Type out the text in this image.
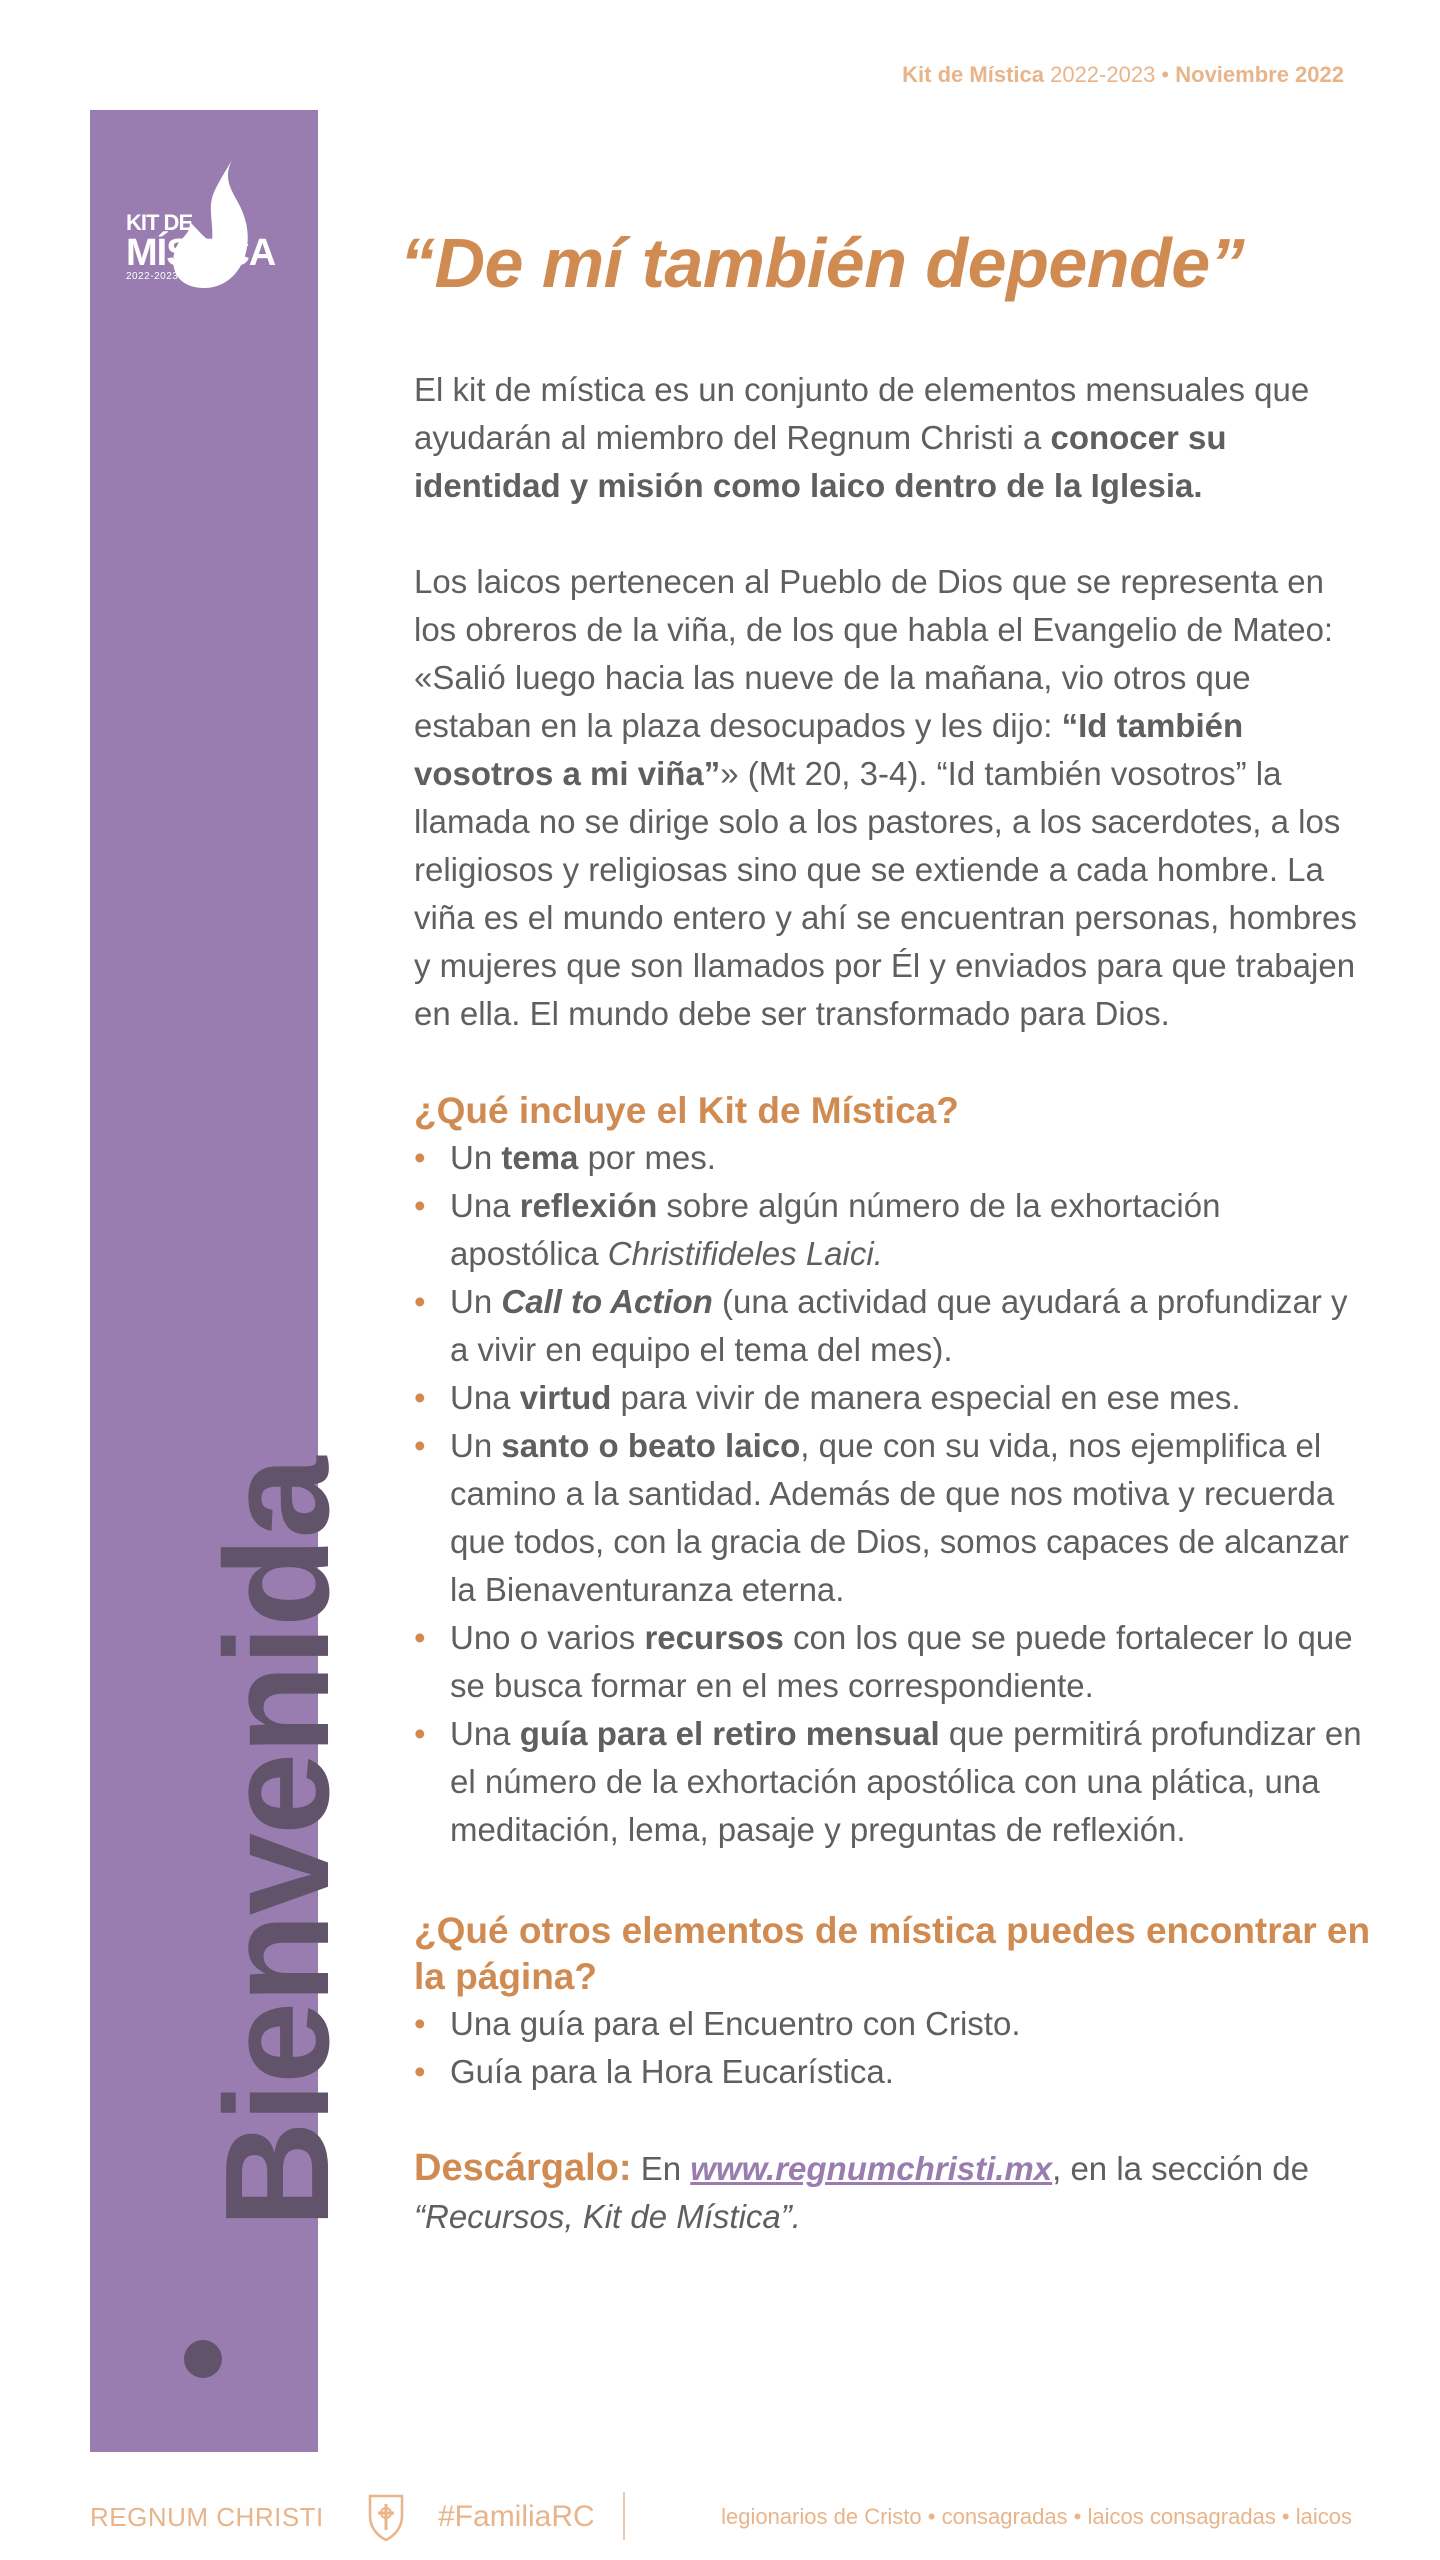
Kit de Mística 2022-2023 • Noviembre 2022
KIT DE
MÍSTICA
2022-2023
Bienvenida
“De mí también depende”

El kit de mística es un conjunto de elementos mensuales que ayudarán al miembro del Regnum Christi a conocer su identidad y misión como laico dentro de la Iglesia.

Los laicos pertenecen al Pueblo de Dios que se representa en los obreros de la viña, de los que habla el Evangelio de Mateo: «Salió luego hacia las nueve de la mañana, vio otros que estaban en la plaza desocupados y les dijo: “Id también vosotros a mi viña”» (Mt 20, 3-4). “Id también vosotros” la llamada no se dirige solo a los pastores, a los sacerdotes, a los religiosos y religiosas sino que se extiende a cada hombre. La viña es el mundo entero y ahí se encuentran personas, hombres y mujeres que son llamados por Él y enviados para que trabajen en ella. El mundo debe ser transformado para Dios.

¿Qué incluye el Kit de Mística?
• Un tema por mes.
• Una reflexión sobre algún número de la exhortación apostólica Christifideles Laici.
• Un Call to Action (una actividad que ayudará a profundizar y a vivir en equipo el tema del mes).
• Una virtud para vivir de manera especial en ese mes.
• Un santo o beato laico, que con su vida, nos ejemplifica el camino a la santidad. Además de que nos motiva y recuerda que todos, con la gracia de Dios, somos capaces de alcanzar la Bienaventuranza eterna.
• Uno o varios recursos con los que se puede fortalecer lo que se busca formar en el mes correspondiente.
• Una guía para el retiro mensual que permitirá profundizar en el número de la exhortación apostólica con una plática, una meditación, lema, pasaje y preguntas de reflexión.
¿Qué otros elementos de mística puedes encontrar en la página?
• Una guía para el Encuentro con Cristo.
• Guía para la Hora Eucarística.

Descárgalo: En www.regnumchristi.mx, en la sección de “Recursos, Kit de Mística”.

REGNUM CHRISTI	#FamiliaRC	legionarios de Cristo • consagradas • laicos consagradas • laicos
